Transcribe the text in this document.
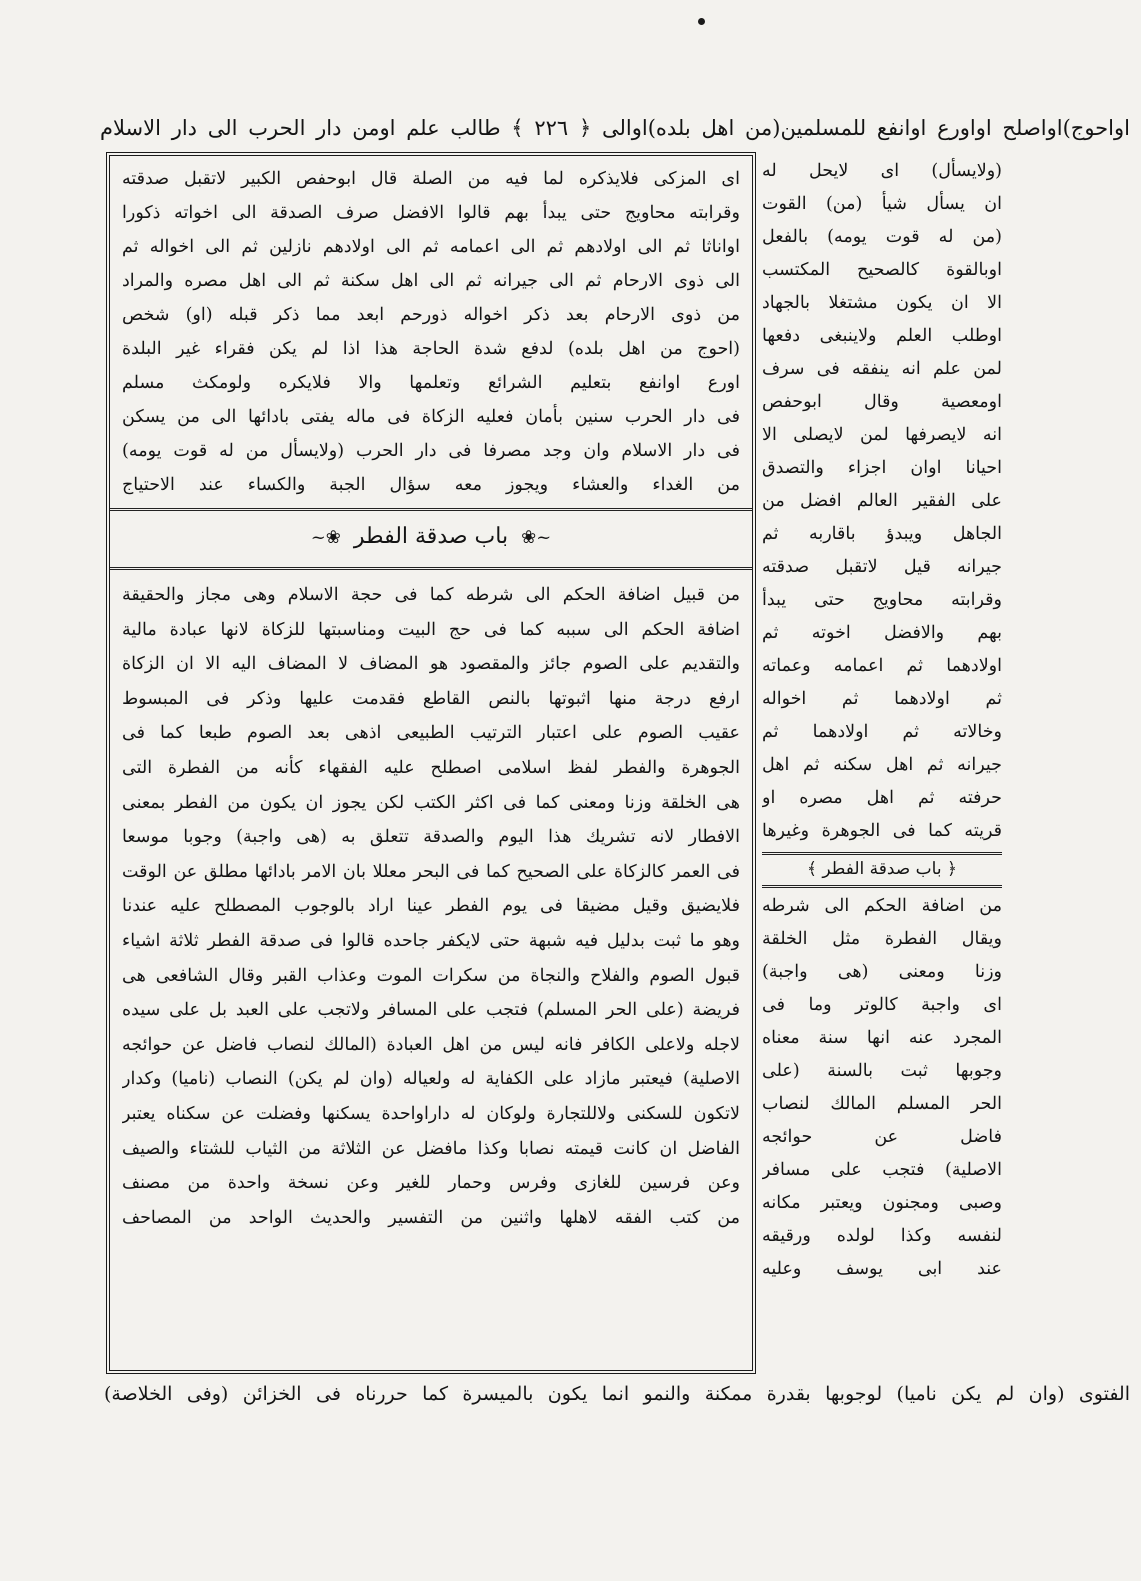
اواحوج)اواصلح اواورع اوانفع للمسلمين(من اهل بلده)اوالى ﴿ ٢٢٦ ﴾ طالب علم اومن دار الحرب الى دار الاسلام
(ولايسأل) اى لايحل له
ان يسأل شيأ (من) القوت
(من له قوت يومه) بالفعل
اوبالقوة كالصحيح المكتسب
الا ان يكون مشتغلا بالجهاد
اوطلب العلم ولاينبغى دفعها
لمن علم انه ينفقه فى سرف
اومعصية وقال ابوحفص
انه لايصرفها لمن لايصلى الا
احيانا اوان اجزاء والتصدق
على الفقير العالم افضل من
الجاهل ويبدؤ باقاربه ثم
جيرانه قيل لاتقبل صدقته
وقرابته محاويج حتى يبدأ
بهم والافضل اخوته ثم
اولادهما ثم اعمامه وعماته
ثم اولادهما ثم اخواله
وخالاته ثم اولادهما ثم
جيرانه ثم اهل سكنه ثم اهل
حرفته ثم اهل مصره او
قريته كما فى الجوهرة وغيرها
﴿ باب صدقة الفطر ﴾
من اضافة الحكم الى شرطه
ويقال الفطرة مثل الخلقة
وزنا ومعنى (هى واجبة)
اى واجبة كالوتر وما فى
المجرد عنه انها سنة معناه
وجوبها ثبت بالسنة (على
الحر المسلم المالك لنصاب
فاضل عن حوائجه
الاصلية) فتجب على مسافر
وصبى ومجنون ويعتبر مكانه
لنفسه وكذا لولده ورقيقه
عند ابى يوسف وعليه
اى المزكى فلايذكره لما فيه من الصلة قال ابوحفص الكبير لاتقبل صدقته
وقرابته محاويج حتى يبدأ بهم قالوا الافضل صرف الصدقة الى اخواته ذكورا
اواناثا ثم الى اولادهم ثم الى اعمامه ثم الى اولادهم نازلين ثم الى اخواله ثم
الى ذوى الارحام ثم الى جيرانه ثم الى اهل سكنة ثم الى اهل مصره والمراد
من ذوى الارحام بعد ذكر اخواله ذورحم ابعد مما ذكر قبله (او) شخص
(احوج من اهل بلده) لدفع شدة الحاجة هذا اذا لم يكن فقراء غير البلدة
اورع اوانفع بتعليم الشرائع وتعلمها والا فلايكره ولومكث مسلم
فى دار الحرب سنين بأمان فعليه الزكاة فى ماله يفتى بادائها الى من يسكن
فى دار الاسلام وان وجد مصرفا فى دار الحرب (ولايسأل من له قوت يومه)
من الغداء والعشاء ويجوز معه سؤال الجبة والكساء عند الاحتياج
~❀ باب صدقة الفطر ❀~
من قبيل اضافة الحكم الى شرطه كما فى حجة الاسلام وهى مجاز والحقيقة
اضافة الحكم الى سببه كما فى حج البيت ومناسبتها للزكاة لانها عبادة مالية
والتقديم على الصوم جائز والمقصود هو المضاف لا المضاف اليه الا ان الزكاة
ارفع درجة منها اثبوتها بالنص القاطع فقدمت عليها وذكر فى المبسوط
عقيب الصوم على اعتبار الترتيب الطبيعى اذهى بعد الصوم طبعا كما فى
الجوهرة والفطر لفظ اسلامى اصطلح عليه الفقهاء كأنه من الفطرة التى
هى الخلقة وزنا ومعنى كما فى اكثر الكتب لكن يجوز ان يكون من الفطر بمعنى
الافطار لانه تشريك هذا اليوم والصدقة تتعلق به (هى واجبة) وجوبا موسعا
فى العمر كالزكاة على الصحيح كما فى البحر معللا بان الامر بادائها مطلق عن الوقت
فلايضيق وقيل مضيقا فى يوم الفطر عينا اراد بالوجوب المصطلح عليه عندنا
وهو ما ثبت بدليل فيه شبهة حتى لايكفر جاحده قالوا فى صدقة الفطر ثلاثة اشياء
قبول الصوم والفلاح والنجاة من سكرات الموت وعذاب القبر وقال الشافعى هى
فريضة (على الحر المسلم) فتجب على المسافر ولاتجب على العبد بل على سيده
لاجله ولاعلى الكافر فانه ليس من اهل العبادة (المالك لنصاب فاضل عن حوائجه
الاصلية) فيعتبر مازاد على الكفاية له ولعياله (وان لم يكن) النصاب (ناميا) وكدار
لاتكون للسكنى ولاللتجارة ولوكان له داراواحدة يسكنها وفضلت عن سكناه يعتبر
الفاضل ان كانت قيمته نصابا وكذا مافضل عن الثلاثة من الثياب للشتاء والصيف
وعن فرسين للغازى وفرس وحمار للغير وعن نسخة واحدة من مصنف
من كتب الفقه لاهلها واثنين من التفسير والحديث الواحد من المصاحف
الفتوى (وان لم يكن ناميا) لوجوبها بقدرة ممكنة والنمو انما يكون بالميسرة كما حررناه فى الخزائن (وفى الخلاصة)
